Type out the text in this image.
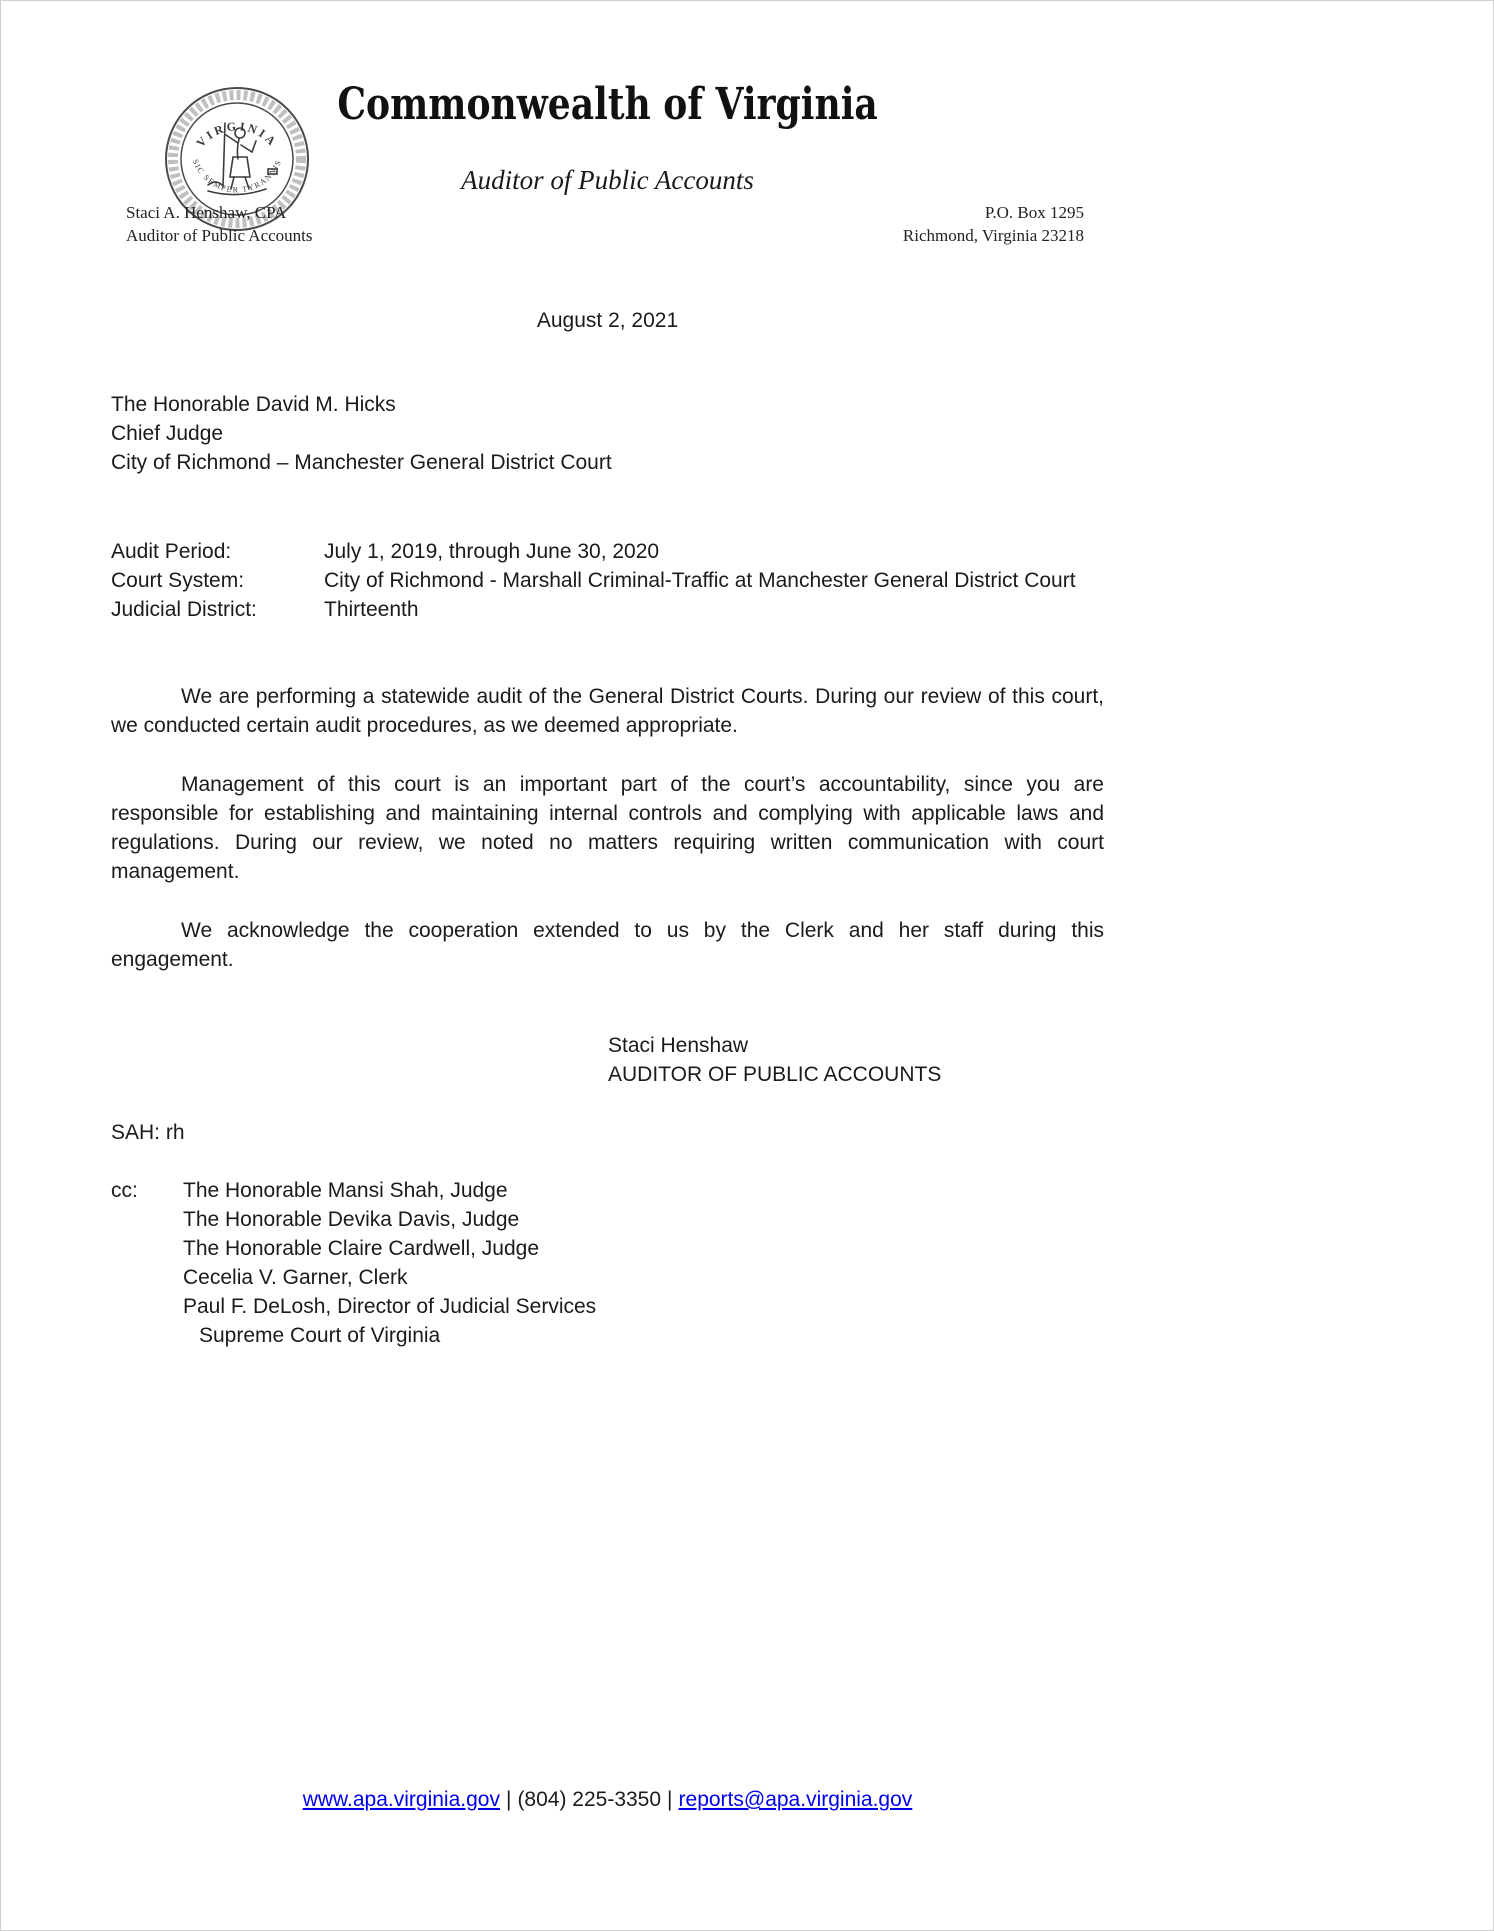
VIRGINIA
SIC SEMPER TYRANNIS
Commonwealth of Virginia
Auditor of Public Accounts
Staci A. Henshaw, CPA
Auditor of Public Accounts
P.O. Box 1295
Richmond, Virginia 23218
August 2, 2021
The Honorable David M. Hicks
Chief Judge
City of Richmond – Manchester General District Court
Audit Period:	July 1, 2019, through June 30, 2020
Court System:	City of Richmond - Marshall Criminal-Traffic at Manchester General District Court
Judicial District:	Thirteenth

We are performing a statewide audit of the General District Courts. During our review of this court, we conducted certain audit procedures, as we deemed appropriate.

Management of this court is an important part of the court’s accountability, since you are responsible for establishing and maintaining internal controls and complying with applicable laws and regulations. During our review, we noted no matters requiring written communication with court management.

We acknowledge the cooperation extended to us by the Clerk and her staff during this engagement.

Staci Henshaw
AUDITOR OF PUBLIC ACCOUNTS
SAH: rh
cc:	The Honorable Mansi Shah, Judge
The Honorable Devika Davis, Judge
The Honorable Claire Cardwell, Judge
Cecelia V. Garner, Clerk
Paul F. DeLosh, Director of Judicial Services
Supreme Court of Virginia
www.apa.virginia.gov | (804) 225-3350 | reports@apa.virginia.gov
